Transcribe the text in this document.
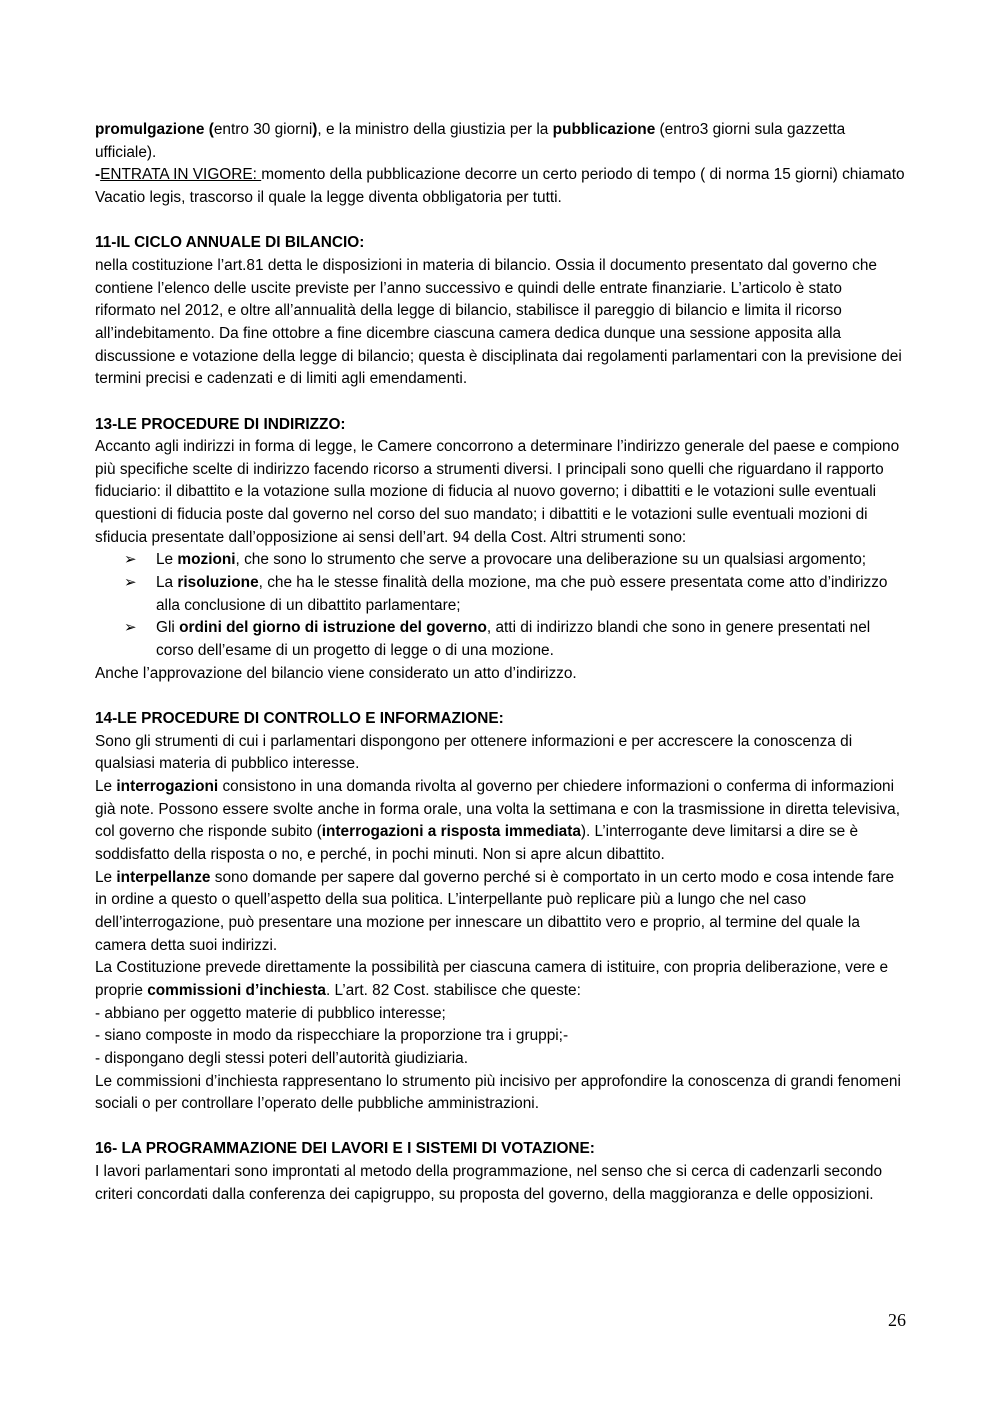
promulgazione (entro 30 giorni), e la ministro della giustizia per la pubblicazione (entro3 giorni sula gazzetta ufficiale).

-ENTRATA IN VIGORE: momento della pubblicazione decorre un certo periodo di tempo ( di norma 15 giorni) chiamato Vacatio legis, trascorso il quale la legge diventa obbligatoria per tutti.

11-IL CICLO ANNUALE DI BILANCIO:

nella costituzione l’art.81 detta le disposizioni in materia di bilancio. Ossia il documento presentato dal governo che contiene l’elenco delle uscite previste per l’anno successivo e quindi delle entrate finanziarie. L’articolo è stato riformato nel 2012, e oltre all’annualità della legge di bilancio, stabilisce il pareggio di bilancio e limita il ricorso all’indebitamento. Da fine ottobre a fine dicembre ciascuna camera dedica dunque una sessione apposita alla discussione e votazione della legge di bilancio; questa è disciplinata dai regolamenti parlamentari con la previsione dei termini precisi e cadenzati e di limiti agli emendamenti.

13-LE PROCEDURE DI INDIRIZZO:

Accanto agli indirizzi in forma di legge, le Camere concorrono a determinare l’indirizzo generale del paese e compiono più specifiche scelte di indirizzo facendo ricorso a strumenti diversi. I principali sono quelli che riguardano il rapporto fiduciario: il dibattito e la votazione sulla mozione di fiducia al nuovo governo; i dibattiti e le votazioni sulle eventuali questioni di fiducia poste dal governo nel corso del suo mandato; i dibattiti e le votazioni sulle eventuali mozioni di sfiducia presentate dall’opposizione ai sensi dell’art. 94 della Cost. Altri strumenti sono:

➢ Le mozioni, che sono lo strumento che serve a provocare una deliberazione su un qualsiasi argomento;
➢ La risoluzione, che ha le stesse finalità della mozione, ma che può essere presentata come atto d’indirizzo alla conclusione di un dibattito parlamentare;
➢ Gli ordini del giorno di istruzione del governo, atti di indirizzo blandi che sono in genere presentati nel corso dell’esame di un progetto di legge o di una mozione.

Anche l’approvazione del bilancio viene considerato un atto d’indirizzo.

14-LE PROCEDURE DI CONTROLLO E INFORMAZIONE:

Sono gli strumenti di cui i parlamentari dispongono per ottenere informazioni e per accrescere la conoscenza di qualsiasi materia di pubblico interesse.

Le interrogazioni consistono in una domanda rivolta al governo per chiedere informazioni o conferma di informazioni già note. Possono essere svolte anche in forma orale, una volta la settimana e con la trasmissione in diretta televisiva, col governo che risponde subito (interrogazioni a risposta immediata). L’interrogante deve limitarsi a dire se è soddisfatto della risposta o no, e perché, in pochi minuti. Non si apre alcun dibattito.

Le interpellanze sono domande per sapere dal governo perché si è comportato in un certo modo e cosa intende fare in ordine a questo o quell’aspetto della sua politica. L’interpellante può replicare più a lungo che nel caso dell’interrogazione, può presentare una mozione per innescare un dibattito vero e proprio, al termine del quale la camera detta suoi indirizzi.

La Costituzione prevede direttamente la possibilità per ciascuna camera di istituire, con propria deliberazione, vere e proprie commissioni d’inchiesta. L’art. 82 Cost. stabilisce che queste:

- abbiano per oggetto materie di pubblico interesse;

- siano composte in modo da rispecchiare la proporzione tra i gruppi;-

- dispongano degli stessi poteri dell’autorità giudiziaria.

Le commissioni d’inchiesta rappresentano lo strumento più incisivo per approfondire la conoscenza di grandi fenomeni sociali o per controllare l’operato delle pubbliche amministrazioni.

16- LA PROGRAMMAZIONE DEI LAVORI E I SISTEMI DI VOTAZIONE:

I lavori parlamentari sono improntati al metodo della programmazione, nel senso che si cerca di cadenzarli secondo criteri concordati dalla conferenza dei capigruppo, su proposta del governo, della maggioranza e delle opposizioni.

26
